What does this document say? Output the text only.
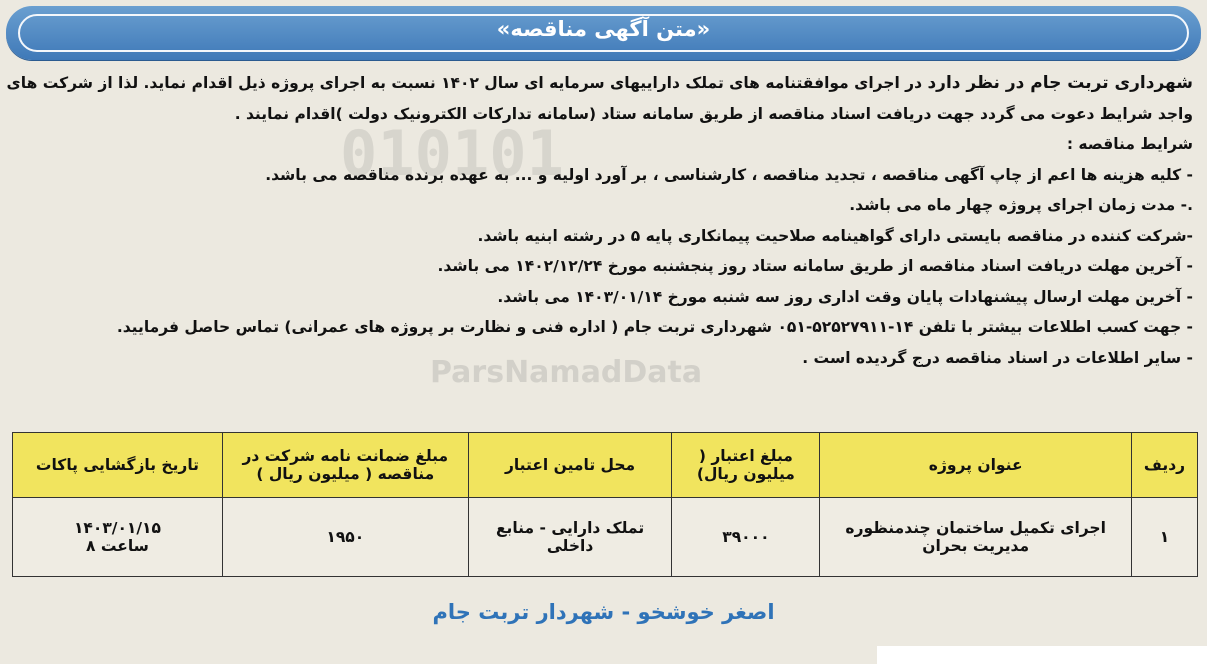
«متن آگهی مناقصه»
010101
ParsNamadData

شهرداری تربت جام در نظر دارد در اجرای موافقتنامه های تملک داراییهای سرمایه ای سال ۱۴۰۲ نسبت به اجرای پروژه ذیل اقدام نماید. لذا از شرکت های

واجد شرایط دعوت می گردد جهت دریافت اسناد مناقصه از طریق سامانه ستاد (سامانه تدارکات الکترونیک دولت )اقدام نمایند .

شرایط مناقصه :

- کلیه هزینه ها اعم از چاپ آگهی مناقصه ، تجدید مناقصه ، کارشناسی ، بر آورد اولیه و ... به عهده برنده مناقصه می باشد.

.- مدت زمان اجرای پروژه چهار ماه می باشد.

-شرکت کننده در مناقصه بایستی دارای گواهینامه صلاحیت پیمانکاری پایه ۵ در رشته ابنیه باشد.

- آخرین مهلت دریافت اسناد مناقصه از طریق سامانه ستاد روز پنجشنبه مورخ ۱۴۰۲/۱۲/۲۴ می باشد.

- آخرین مهلت ارسال پیشنهادات پایان وقت اداری روز سه شنبه مورخ ۱۴۰۳/۰۱/۱۴ می باشد.

- جهت کسب اطلاعات بیشتر با تلفن ۱۴-۵۲۵۲۷۹۱۱-۰۵۱ شهرداری تربت جام ( اداره فنی و نظارت بر پروژه های عمرانی) تماس حاصل فرمایید.

- سایر اطلاعات در اسناد مناقصه درج گردیده است .

ردیف	عنوان پروژه	مبلغ اعتبار ( میلیون ریال)	محل تامین اعتبار	مبلغ ضمانت نامه شرکت در مناقصه ( میلیون ریال )	تاریخ بازگشایی پاکات
۱	اجرای تکمیل ساختمان چندمنظوره مدیریت بحران	۳۹۰۰۰	تملک دارایی - منابع داخلی	۱۹۵۰	۱۴۰۳/۰۱/۱۵
ساعت ۸
اصغر خوشخو - شهردار تربت جام
